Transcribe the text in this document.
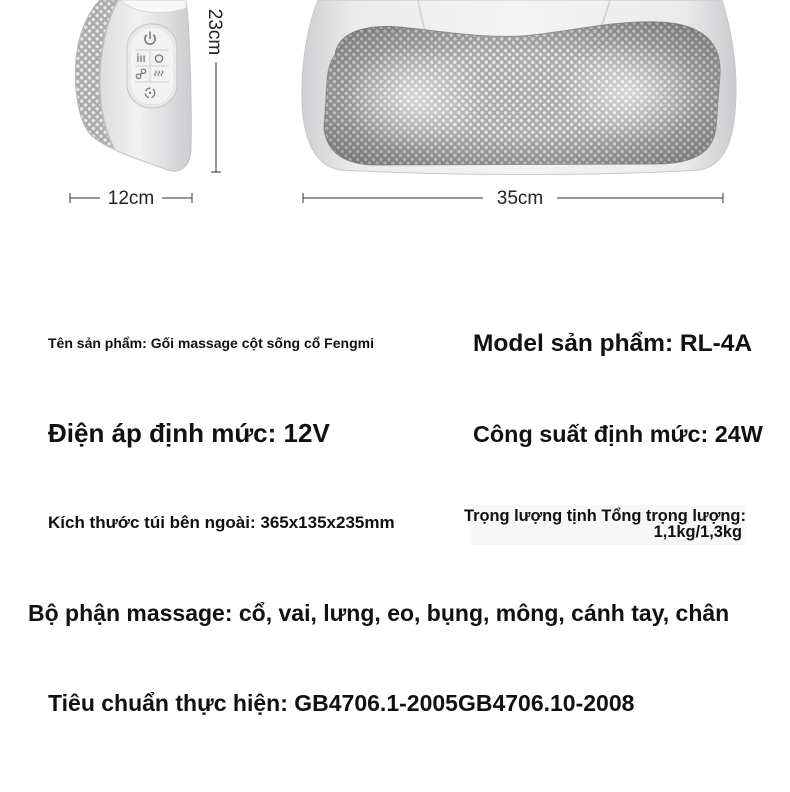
23cm
12cm	35cm
Tên sản phẩm: Gối massage cột sống cổ Fengmi	Model sản phẩm: RL-4A
Điện áp định mức: 12V	Công suất định mức: 24W
Kích thước túi bên ngoài: 365x135x235mm	Trọng lượng tịnh Tổng trọng lượng:
1,1kg/1,3kg
Bộ phận massage: cổ, vai, lưng, eo, bụng, mông, cánh tay, chân
Tiêu chuẩn thực hiện: GB4706.1-2005GB4706.10-2008
